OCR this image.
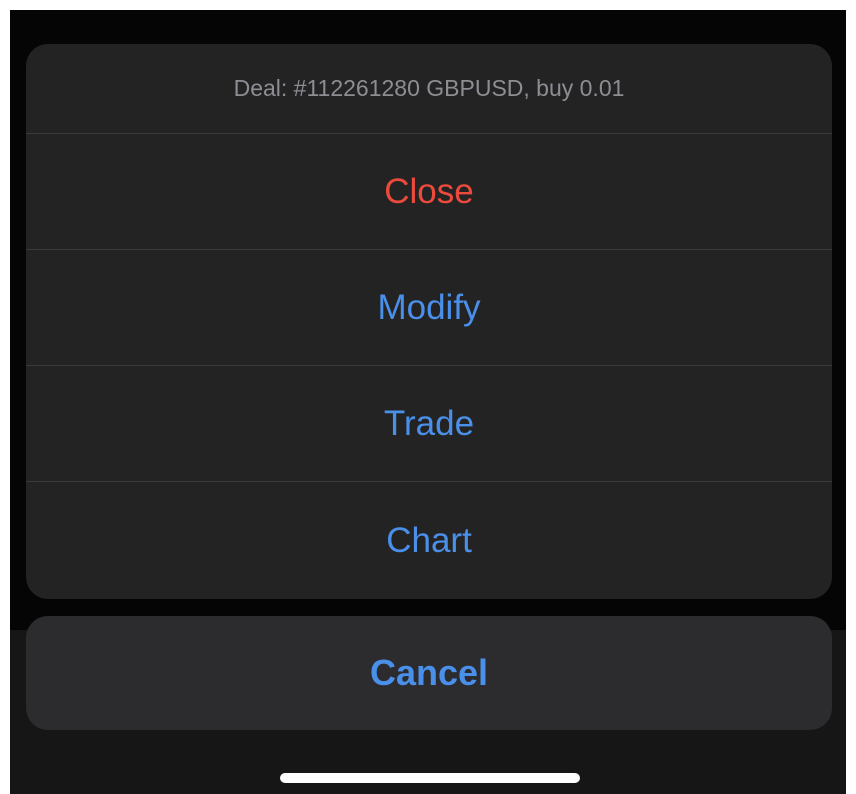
Deal: #112261280 GBPUSD, buy 0.01
Close
Modify
Trade
Chart
Cancel
